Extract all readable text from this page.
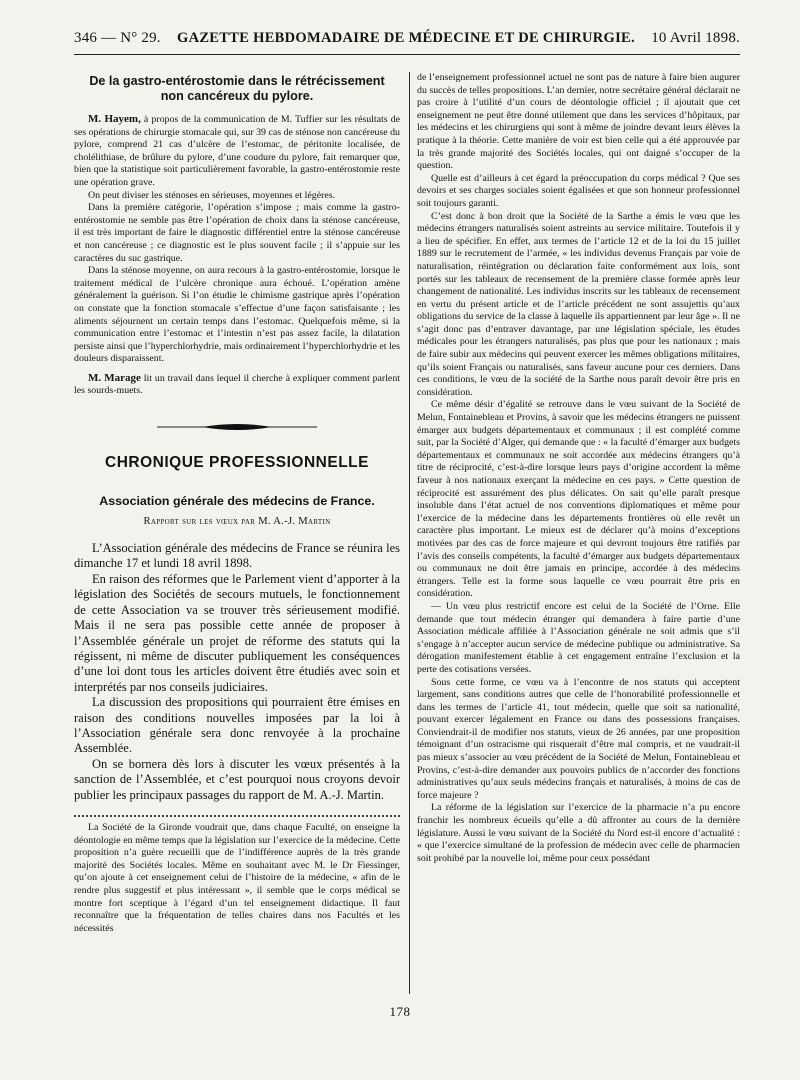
346 — N° 29. GAZETTE HEBDOMADAIRE DE MÉDECINE ET DE CHIRURGIE. 10 Avril 1898.
De la gastro-entérostomie dans le rétrécissement non cancéreux du pylore.

M. Hayem, à propos de la communication de M. Tuffier sur les résultats de ses opérations de chirurgie stomacale qui, sur 39 cas de sténose non cancéreuse du pylore, comprend 21 cas d’ulcère de l’estomac, de péritonite localisée, de cholélithiase, de brûlure du pylore, d’une coudure du pylore, fait remarquer que, bien que la statistique soit particulièrement favorable, la gastro-entérostomie reste une opération grave.

On peut diviser les sténoses en sérieuses, moyennes et légères.

Dans la première catégorie, l’opération s’impose ; mais comme la gastro-entérostomie ne semble pas être l’opération de choix dans la sténose cancéreuse, il est très important de faire le diagnostic différentiel entre la sténose cancéreuse et non cancéreuse ; ce diagnostic est le plus souvent facile ; il s’appuie sur les caractères du suc gastrique.

Dans la sténose moyenne, on aura recours à la gastro-entérostomie, lorsque le traitement médical de l’ulcère chronique aura échoué. L’opération amène généralement la guérison. Si l’on étudie le chimisme gastrique après l’opération on constate que la fonction stomacale s’effectue d’une façon satisfaisante ; les aliments séjournent un certain temps dans l’estomac. Quelquefois même, si la communication entre l’estomac et l’intestin n’est pas assez facile, la dilatation persiste ainsi que l’hyperchlorhydrie, mais ordinairement l’hyperchlorhydrie et les douleurs disparaissent.

M. Marage lit un travail dans lequel il cherche à expliquer comment parlent les sourds-muets.

CHRONIQUE PROFESSIONNELLE
Association générale des médecins de France.
Rapport sur les vœux par M. A.-J. Martin

L’Association générale des médecins de France se réunira les dimanche 17 et lundi 18 avril 1898.

En raison des réformes que le Parlement vient d’apporter à la législation des Sociétés de secours mutuels, le fonctionnement de cette Association va se trouver très sérieusement modifié. Mais il ne sera pas possible cette année de proposer à l’Assemblée générale un projet de réforme des statuts qui la régissent, ni même de discuter publiquement les conséquences d’une loi dont tous les articles doivent être étudiés avec soin et interprétés par nos conseils judiciaires.

La discussion des propositions qui pourraient être émises en raison des conditions nouvelles imposées par la loi à l’Association générale sera donc renvoyée à la prochaine Assemblée.

On se bornera dès lors à discuter les vœux présentés à la sanction de l’Assemblée, et c’est pourquoi nous croyons devoir publier les principaux passages du rapport de M. A.-J. Martin.

La Société de la Gironde voudrait que, dans chaque Faculté, on enseigne la déontologie en même temps que la législation sur l’exercice de la médecine. Cette proposition n’a guère recueilli que de l’indifférence auprès de la très grande majorité des Sociétés locales. Même en souhaitant avec M. le Dr Fiessinger, qu’on ajoute à cet enseignement celui de l’histoire de la médecine, « afin de le rendre plus suggestif et plus intéressant », il semble que le corps médical se montre fort sceptique à l’égard d’un tel enseignement didactique. Il faut reconnaître que la fréquentation de telles chaires dans nos Facultés et les nécessités

de l’enseignement professionnel actuel ne sont pas de nature à faire bien augurer du succès de telles propositions. L’an dernier, notre secrétaire général déclarait ne pas croire à l’utilité d’un cours de déontologie officiel ; il ajoutait que cet enseignement ne peut être donné utilement que dans les services d’hôpitaux, par les médecins et les chirurgiens qui sont à même de joindre devant leurs élèves la pratique à la théorie. Cette manière de voir est bien celle qui a été approuvée par la très grande majorité des Sociétés locales, qui ont daigné s’occuper de la question.

Quelle est d’ailleurs à cet égard la préoccupation du corps médical ? Que ses devoirs et ses charges sociales soient égalisées et que son honneur professionnel soit toujours garanti.

C’est donc à bon droit que la Société de la Sarthe a émis le vœu que les médecins étrangers naturalisés soient astreints au service militaire. Toutefois il y a lieu de spécifier. En effet, aux termes de l’article 12 et de la loi du 15 juillet 1889 sur le recrutement de l’armée, « les individus devenus Français par voie de naturalisation, réintégration ou déclaration faite conformément aux lois, sont portés sur les tableaux de recensement de la première classe formée après leur changement de nationalité. Les individus inscrits sur les tableaux de recensement en vertu du présent article et de l’article précédent ne sont assujettis qu’aux obligations du service de la classe à laquelle ils appartiennent par leur âge ». Il ne s’agit donc pas d’entraver davantage, par une législation spéciale, les études médicales pour les étrangers naturalisés, pas plus que pour les nationaux ; mais de faire subir aux médecins qui peuvent exercer les mêmes obligations militaires, qu’ils soient Français ou naturalisés, sans faveur aucune pour ces derniers. Dans ces conditions, le vœu de la société de la Sarthe nous paraît devoir être pris en considération.

Ce même désir d’égalité se retrouve dans le vœu suivant de la Société de Melun, Fontainebleau et Provins, à savoir que les médecins étrangers ne puissent émarger aux budgets départementaux et communaux ; il est complété comme suit, par la Société d’Alger, qui demande que : « la faculté d’émarger aux budgets départementaux et communaux ne soit accordée aux médecins étrangers qu’à titre de réciprocité, c’est-à-dire lorsque leurs pays d’origine accordent la même faveur à nos nationaux exerçant la médecine en ces pays. » Cette question de réciprocité est assurément des plus délicates. On sait qu’elle paraît presque insoluble dans l’état actuel de nos conventions diplomatiques et même pour l’exercice de la médecine dans les départements frontières où elle revêt un caractère plus important. Le mieux est de déclarer qu’à moins d’exceptions motivées par des cas de force majeure et qui devront toujours être ratifiés par l’avis des conseils compétents, la faculté d’émarger aux budgets départementaux ou communaux ne doit être jamais en principe, accordée à des médecins étrangers. Telle est la forme sous laquelle ce vœu pourrait être pris en considération.

— Un vœu plus restrictif encore est celui de la Société de l’Orne. Elle demande que tout médecin étranger qui demandera à faire partie d’une Association médicale affiliée à l’Association générale ne soit admis que s’il s’engage à n’accepter aucun service de médecine publique ou administrative. Sa dérogation manifestement établie à cet engagement entraîne l’exclusion et la perte des cotisations versées.

Sous cette forme, ce vœu va à l’encontre de nos statuts qui acceptent largement, sans conditions autres que celle de l’honorabilité professionnelle et dans les termes de l’article 41, tout médecin, quelle que soit sa nationalité, pouvant exercer légalement en France ou dans des possessions françaises. Conviendrait-il de modifier nos statuts, vieux de 26 années, par une proposition témoignant d’un ostracisme qui risquerait d’être mal compris, et ne vaudrait-il pas mieux s’associer au vœu précédent de la Société de Melun, Fontainebleau et Provins, c’est-à-dire demander aux pouvoirs publics de n’accorder des fonctions administratives qu’aux seuls médecins français et naturalisés, à moins de cas de force majeure ?

La réforme de la législation sur l’exercice de la pharmacie n’a pu encore franchir les nombreux écueils qu’elle a dû affronter au cours de la dernière législature. Aussi le vœu suivant de la Société du Nord est-il encore d’actualité : « que l’exercice simultané de la profession de médecin avec celle de pharmacien soit prohibé par la nouvelle loi, même pour ceux possédant

178
